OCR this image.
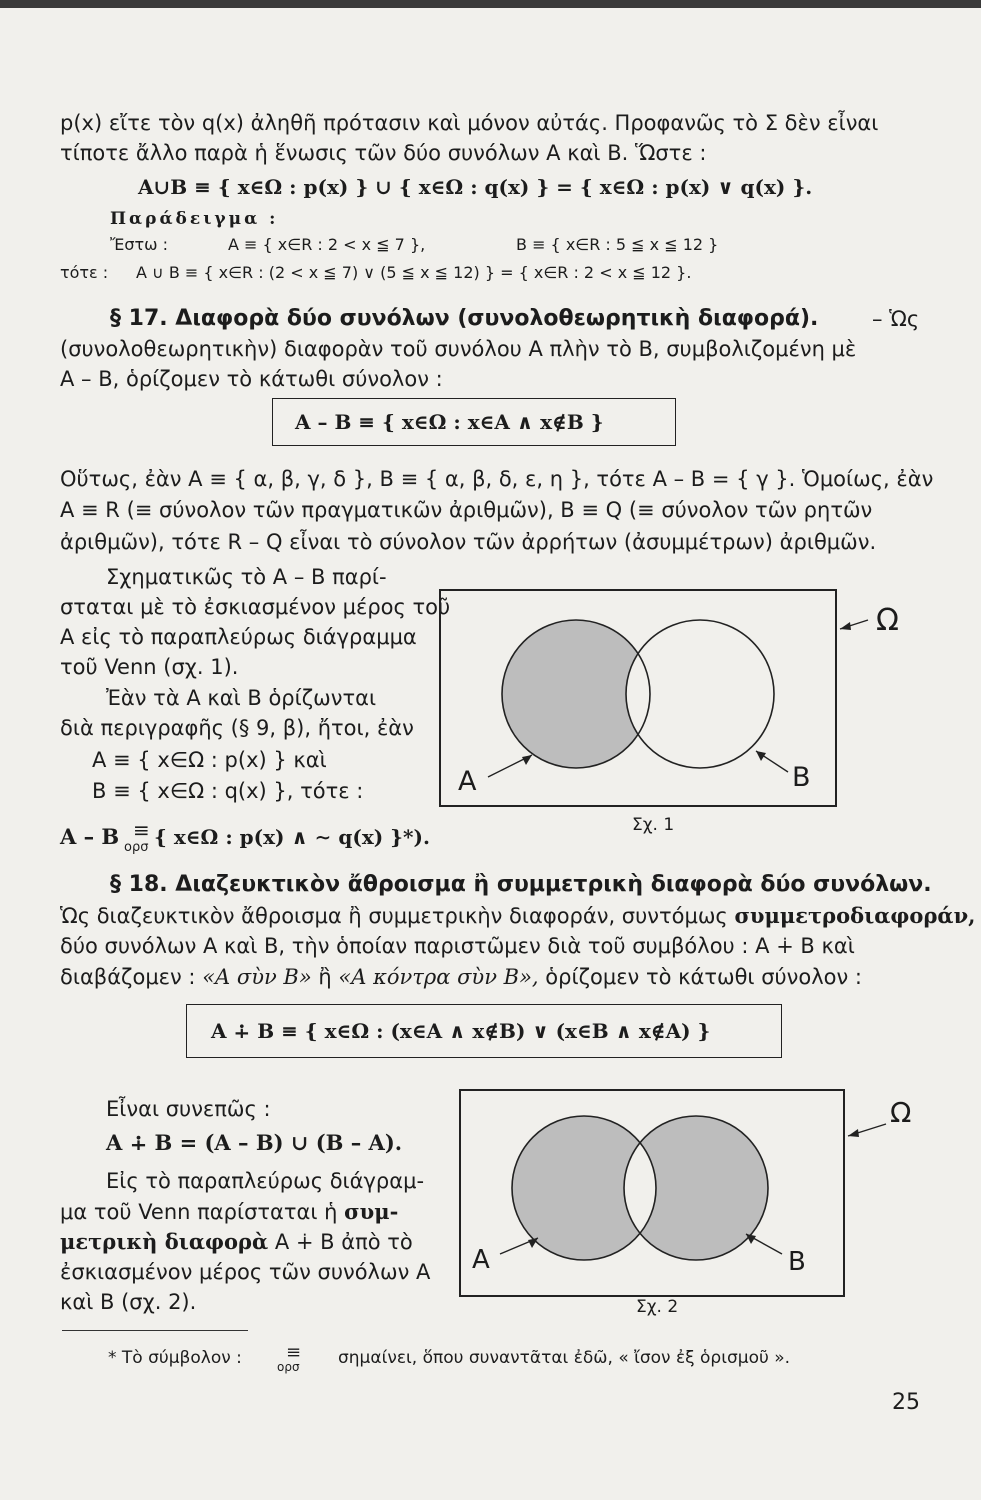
p(x) εἴτε τὸν q(x) ἀληθῆ πρότασιν καὶ μόνον αὐτάς. Προφανῶς τὸ Σ δὲν εἶναι
τίποτε ἄλλο παρὰ ἡ ἕνωσις τῶν δύο συνόλων A καὶ B. Ὥστε :
A∪B ≡ { x∈Ω : p(x) } ∪ { x∈Ω : q(x) } = { x∈Ω : p(x) ∨ q(x) }.
Παράδειγμα :
Ἔστω :	A ≡ { x∈R : 2 < x ≦ 7 },	B ≡ { x∈R : 5 ≦ x ≦ 12 }
τότε : A ∪ B ≡ { x∈R : (2 < x ≦ 7) ∨ (5 ≦ x ≦ 12) } = { x∈R : 2 < x ≦ 12 }.
§ 17. Διαφορὰ δύο συνόλων (συνολοθεωρητικὴ διαφορά).	– Ὡς
(συνολοθεωρητικὴν) διαφορὰν τοῦ συνόλου A πλὴν τὸ B, συμβολιζομένη μὲ
A – B, ὁρίζομεν τὸ κάτωθι σύνολον :
A – B ≡ { x∈Ω : x∈A ∧ x∉B }
Οὕτως, ἐὰν A ≡ { α, β, γ, δ }, B ≡ { α, β, δ, ε, η }, τότε A – B = { γ }. Ὁμοίως, ἐὰν
A ≡ R (≡ σύνολον τῶν πραγματικῶν ἀριθμῶν), B ≡ Q (≡ σύνολον τῶν ρητῶν
ἀριθμῶν), τότε R – Q εἶναι τὸ σύνολον τῶν ἀρρήτων (ἀσυμμέτρων) ἀριθμῶν.
Σχηματικῶς τὸ A – B παρί-
σταται μὲ τὸ ἐσκιασμένον μέρος τοῦ
A εἰς τὸ παραπλεύρως διάγραμμα
τοῦ Venn (σχ. 1).
Ἐὰν τὰ A καὶ B ὁρίζωνται
διὰ περιγραφῆς (§ 9, β), ἤτοι, ἐὰν
A ≡ { x∈Ω : p(x) } καὶ
B ≡ { x∈Ω : q(x) }, τότε :
A – B ≡
ορσ { x∈Ω : p(x) ∧ ∼ q(x) }*).
Ω
A	B
Σχ. 1
§ 18. Διαζευκτικὸν ἄθροισμα ἢ συμμετρικὴ διαφορὰ δύο συνόλων.
Ὡς διαζευκτικὸν ἄθροισμα ἢ συμμετρικὴν διαφοράν, συντόμως συμμετροδιαφοράν,
δύο συνόλων A καὶ B, τὴν ὁποίαν παριστῶμεν διὰ τοῦ συμβόλου : A ∔ B καὶ
διαβάζομεν : «A σὺν B» ἢ «A κόντρα σὺν B», ὁρίζομεν τὸ κάτωθι σύνολον :
A ∔ B ≡ { x∈Ω : (x∈A ∧ x∉B) ∨ (x∈B ∧ x∉A) }
Εἶναι συνεπῶς :
A ∔ B = (A – B) ∪ (B – A).
Εἰς τὸ παραπλεύρως διάγραμ-
μα τοῦ Venn παρίσταται ἡ συμ-
μετρικὴ διαφορὰ A ∔ B ἀπὸ τὸ
ἐσκιασμένον μέρος τῶν συνόλων A
καὶ B (σχ. 2).
Ω
A	B
Σχ. 2
* Τὸ σύμβολον : ≡
ορσ σημαίνει, ὅπου συναντᾶται ἐδῶ, « ἴσον ἐξ ὁρισμοῦ ».
25
